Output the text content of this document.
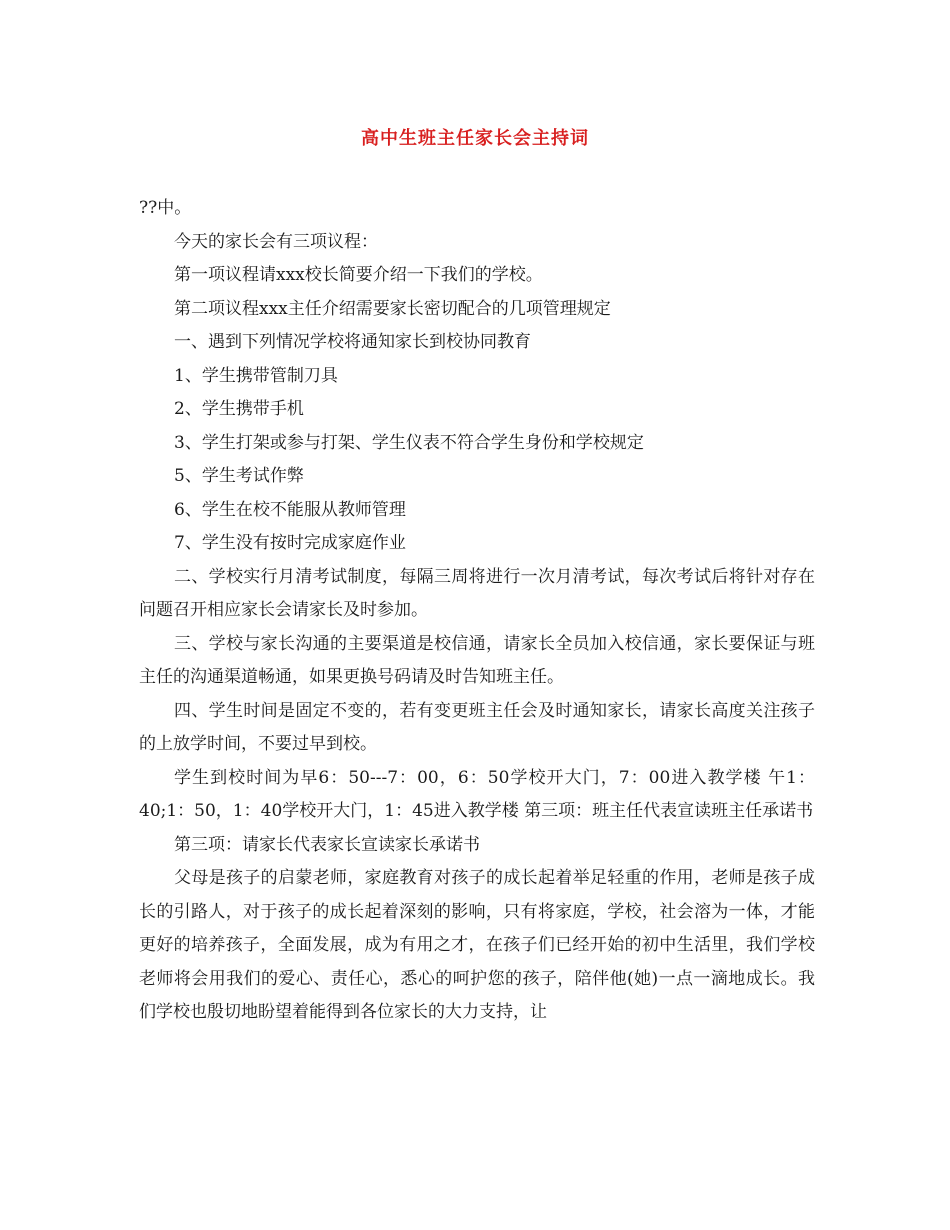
高中生班主任家长会主持词

??中。

今天的家长会有三项议程：

第一项议程请xxx校长简要介绍一下我们的学校。

第二项议程xxx主任介绍需要家长密切配合的几项管理规定

一、遇到下列情况学校将通知家长到校协同教育

1、学生携带管制刀具

2、学生携带手机

3、学生打架或参与打架、学生仪表不符合学生身份和学校规定

5、学生考试作弊

6、学生在校不能服从教师管理

7、学生没有按时完成家庭作业

二、学校实行月清考试制度，每隔三周将进行一次月清考试，每次考试后将针对存在问题召开相应家长会请家长及时参加。

三、学校与家长沟通的主要渠道是校信通，请家长全员加入校信通，家长要保证与班主任的沟通渠道畅通，如果更换号码请及时告知班主任。

四、学生时间是固定不变的，若有变更班主任会及时通知家长，请家长高度关注孩子的上放学时间，不要过早到校。

学生到校时间为早6：50---7：00，6：50学校开大门，7：00进入教学楼 午1：40;1：50，1：40学校开大门，1：45进入教学楼 第三项：班主任代表宣读班主任承诺书

第三项：请家长代表家长宣读家长承诺书

父母是孩子的启蒙老师，家庭教育对孩子的成长起着举足轻重的作用，老师是孩子成长的引路人，对于孩子的成长起着深刻的影响，只有将家庭，学校，社会溶为一体，才能更好的培养孩子，全面发展，成为有用之才，在孩子们已经开始的初中生活里，我们学校老师将会用我们的爱心、责任心，悉心的呵护您的孩子，陪伴他(她)一点一滴地成长。我们学校也殷切地盼望着能得到各位家长的大力支持，让
